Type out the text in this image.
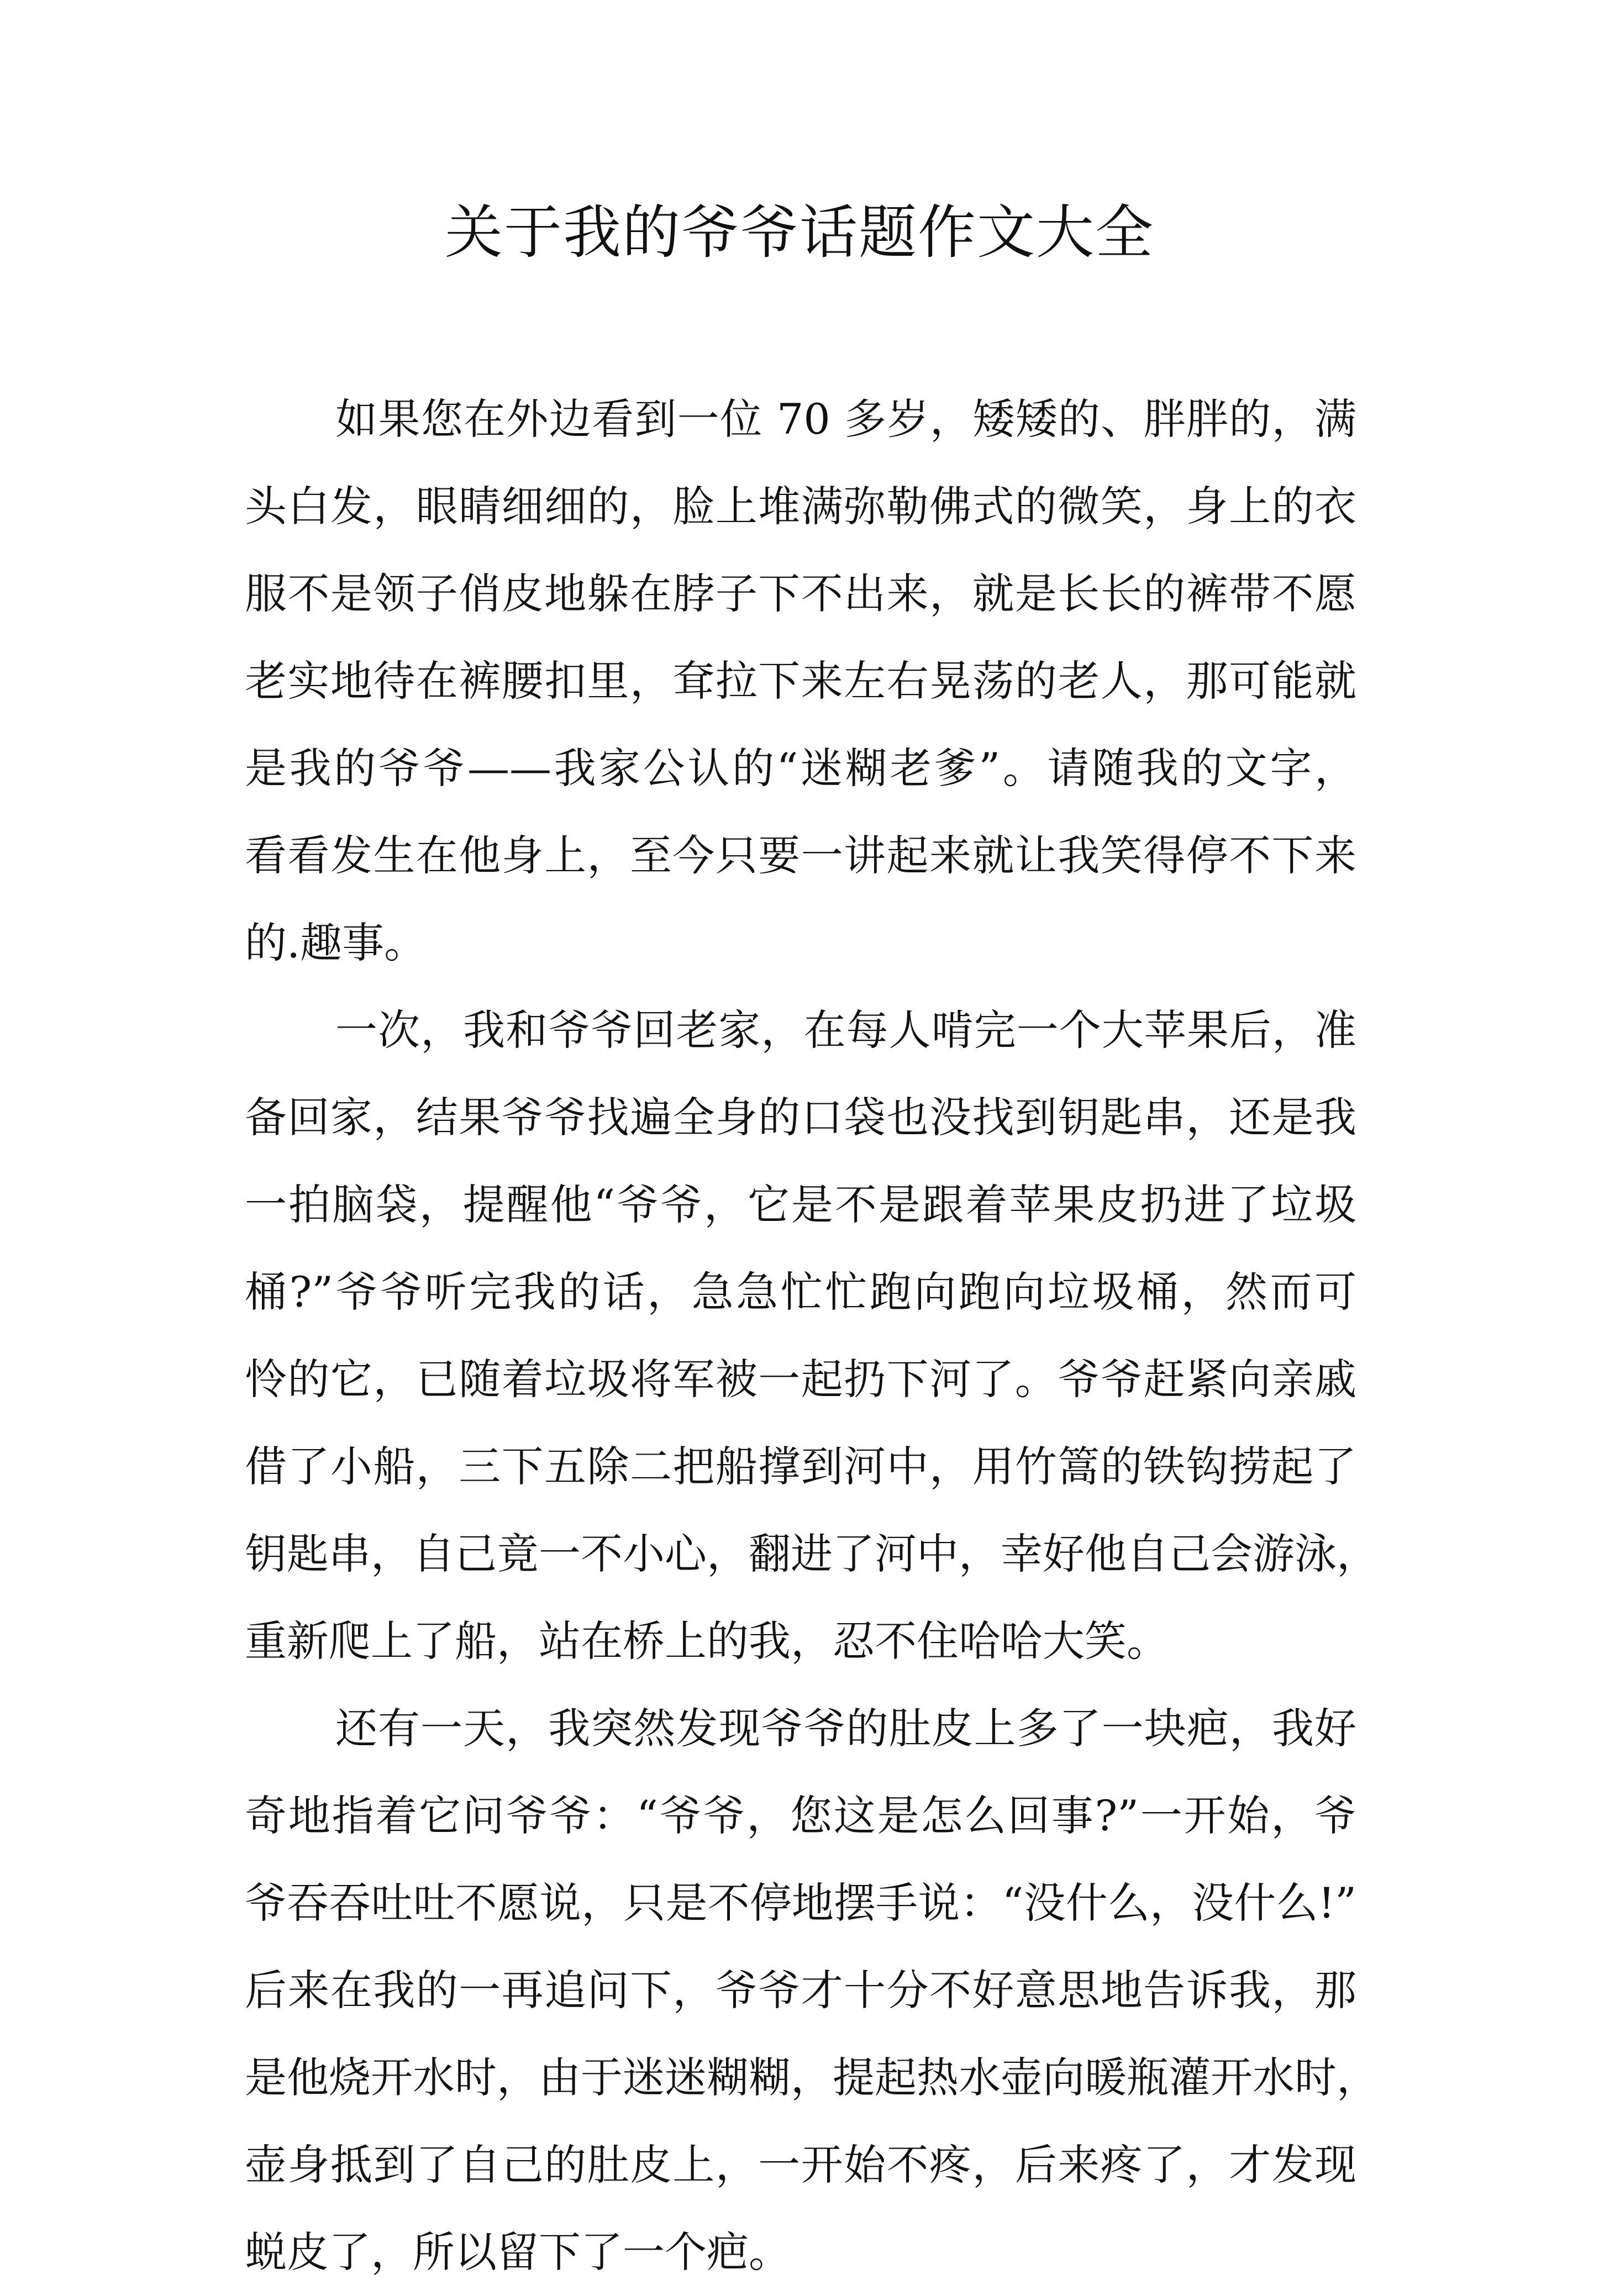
关于我的爷爷话题作文大全
如果您在外边看到一位 70 多岁，矮矮的、胖胖的，满
头白发，眼睛细细的，脸上堆满弥勒佛式的微笑，身上的衣
服不是领子俏皮地躲在脖子下不出来，就是长长的裤带不愿
老实地待在裤腰扣里，耷拉下来左右晃荡的老人，那可能就
是我的爷爷——我家公认的“迷糊老爹”。请随我的文字，
看看发生在他身上，至今只要一讲起来就让我笑得停不下来
的.趣事。
一次，我和爷爷回老家，在每人啃完一个大苹果后，准
备回家，结果爷爷找遍全身的口袋也没找到钥匙串，还是我
一拍脑袋，提醒他“爷爷，它是不是跟着苹果皮扔进了垃圾
桶?”爷爷听完我的话，急急忙忙跑向跑向垃圾桶，然而可
怜的它，已随着垃圾将军被一起扔下河了。爷爷赶紧向亲戚
借了小船，三下五除二把船撑到河中，用竹篙的铁钩捞起了
钥匙串，自己竟一不小心，翻进了河中，幸好他自己会游泳，
重新爬上了船，站在桥上的我，忍不住哈哈大笑。
还有一天，我突然发现爷爷的肚皮上多了一块疤，我好
奇地指着它问爷爷：“爷爷，您这是怎么回事?”一开始，爷
爷吞吞吐吐不愿说，只是不停地摆手说：“没什么，没什么!”
后来在我的一再追问下，爷爷才十分不好意思地告诉我，那
是他烧开水时，由于迷迷糊糊，提起热水壶向暖瓶灌开水时，
壶身抵到了自己的肚皮上，一开始不疼，后来疼了，才发现
蜕皮了，所以留下了一个疤。
